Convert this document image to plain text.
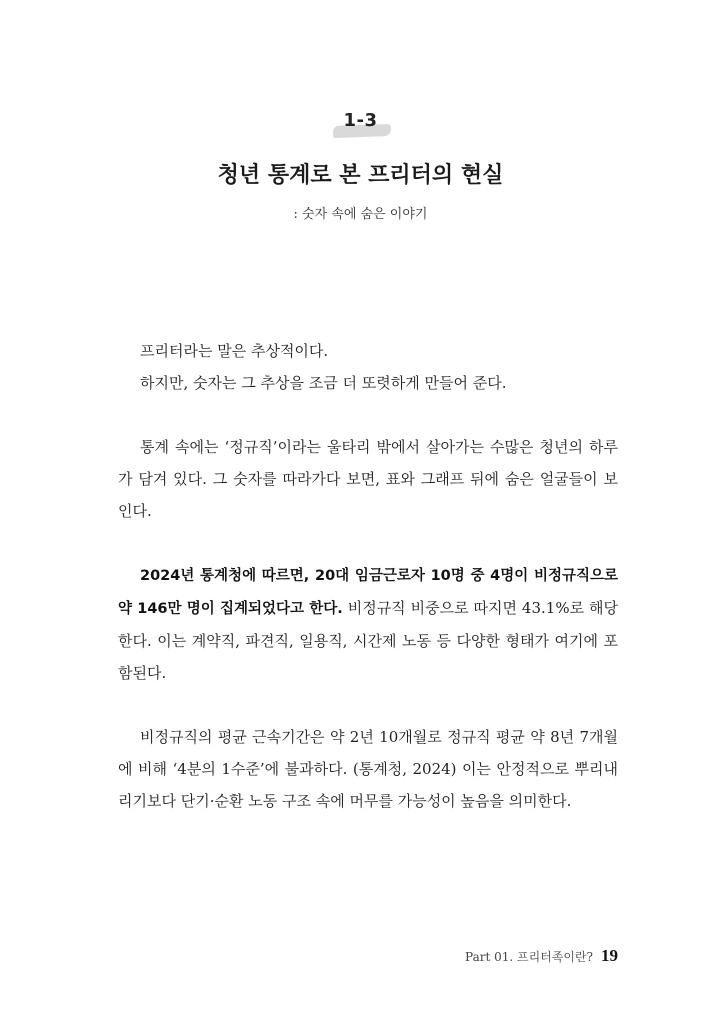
1-3
청년 통계로 본 프리터의 현실
: 숫자 속에 숨은 이야기

프리터라는 말은 추상적이다.
하지만, 숫자는 그 추상을 조금 더 또렷하게 만들어 준다.

통계 속에는 ‘정규직’이라는 울타리 밖에서 살아가는 수많은 청년의 하루가 담겨 있다. 그 숫자를 따라가다 보면, 표와 그래프 뒤에 숨은 얼굴들이 보인다.

2024년 통계청에 따르면, 20대 임금근로자 10명 중 4명이 비정규직으로 약 146만 명이 집계되었다고 한다. 비정규직 비중으로 따지면 43.1%로 해당한다. 이는 계약직, 파견직, 일용직, 시간제 노동 등 다양한 형태가 여기에 포함된다.

비정규직의 평균 근속기간은 약 2년 10개월로 정규직 평균 약 8년 7개월에 비해 ‘4분의 1수준’에 불과하다. (통계청, 2024) 이는 안정적으로 뿌리내리기보다 단기·순환 노동 구조 속에 머무를 가능성이 높음을 의미한다.

Part 01. 프리터족이란? 19
